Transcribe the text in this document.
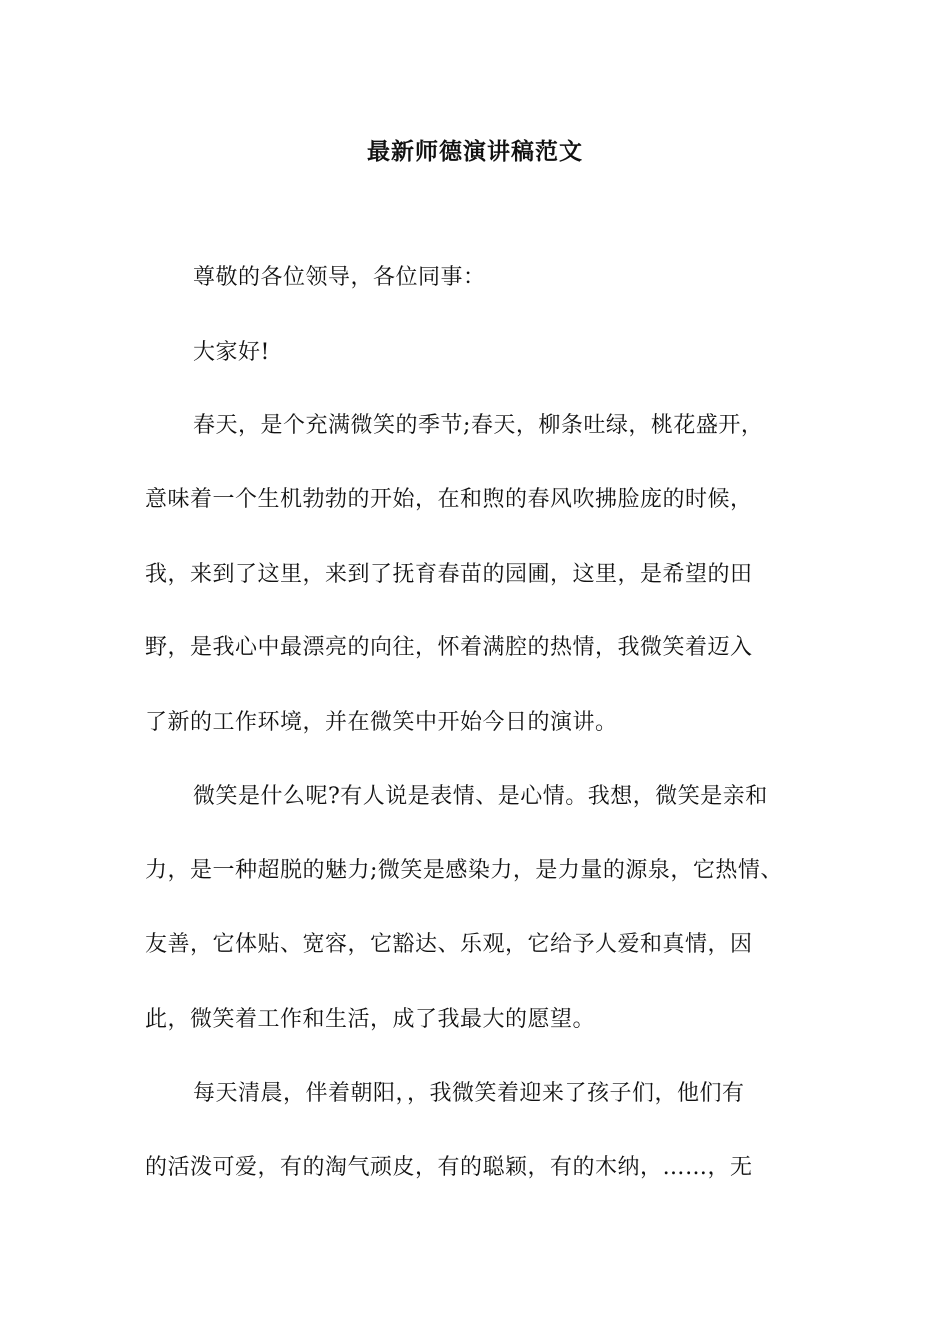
最新师德演讲稿范文
尊敬的各位领导，各位同事：
大家好!
春天，是个充满微笑的季节;春天，柳条吐绿，桃花盛开，
意味着一个生机勃勃的开始，在和煦的春风吹拂脸庞的时候，
我，来到了这里，来到了抚育春苗的园圃，这里，是希望的田
野，是我心中最漂亮的向往，怀着满腔的热情，我微笑着迈入
了新的工作环境，并在微笑中开始今日的演讲。
微笑是什么呢?有人说是表情、是心情。我想，微笑是亲和
力，是一种超脱的魅力;微笑是感染力，是力量的源泉，它热情、
友善，它体贴、宽容，它豁达、乐观，它给予人爱和真情，因
此，微笑着工作和生活，成了我最大的愿望。
每天清晨，伴着朝阳，，我微笑着迎来了孩子们，他们有
的活泼可爱，有的淘气顽皮，有的聪颖，有的木纳，……，无
